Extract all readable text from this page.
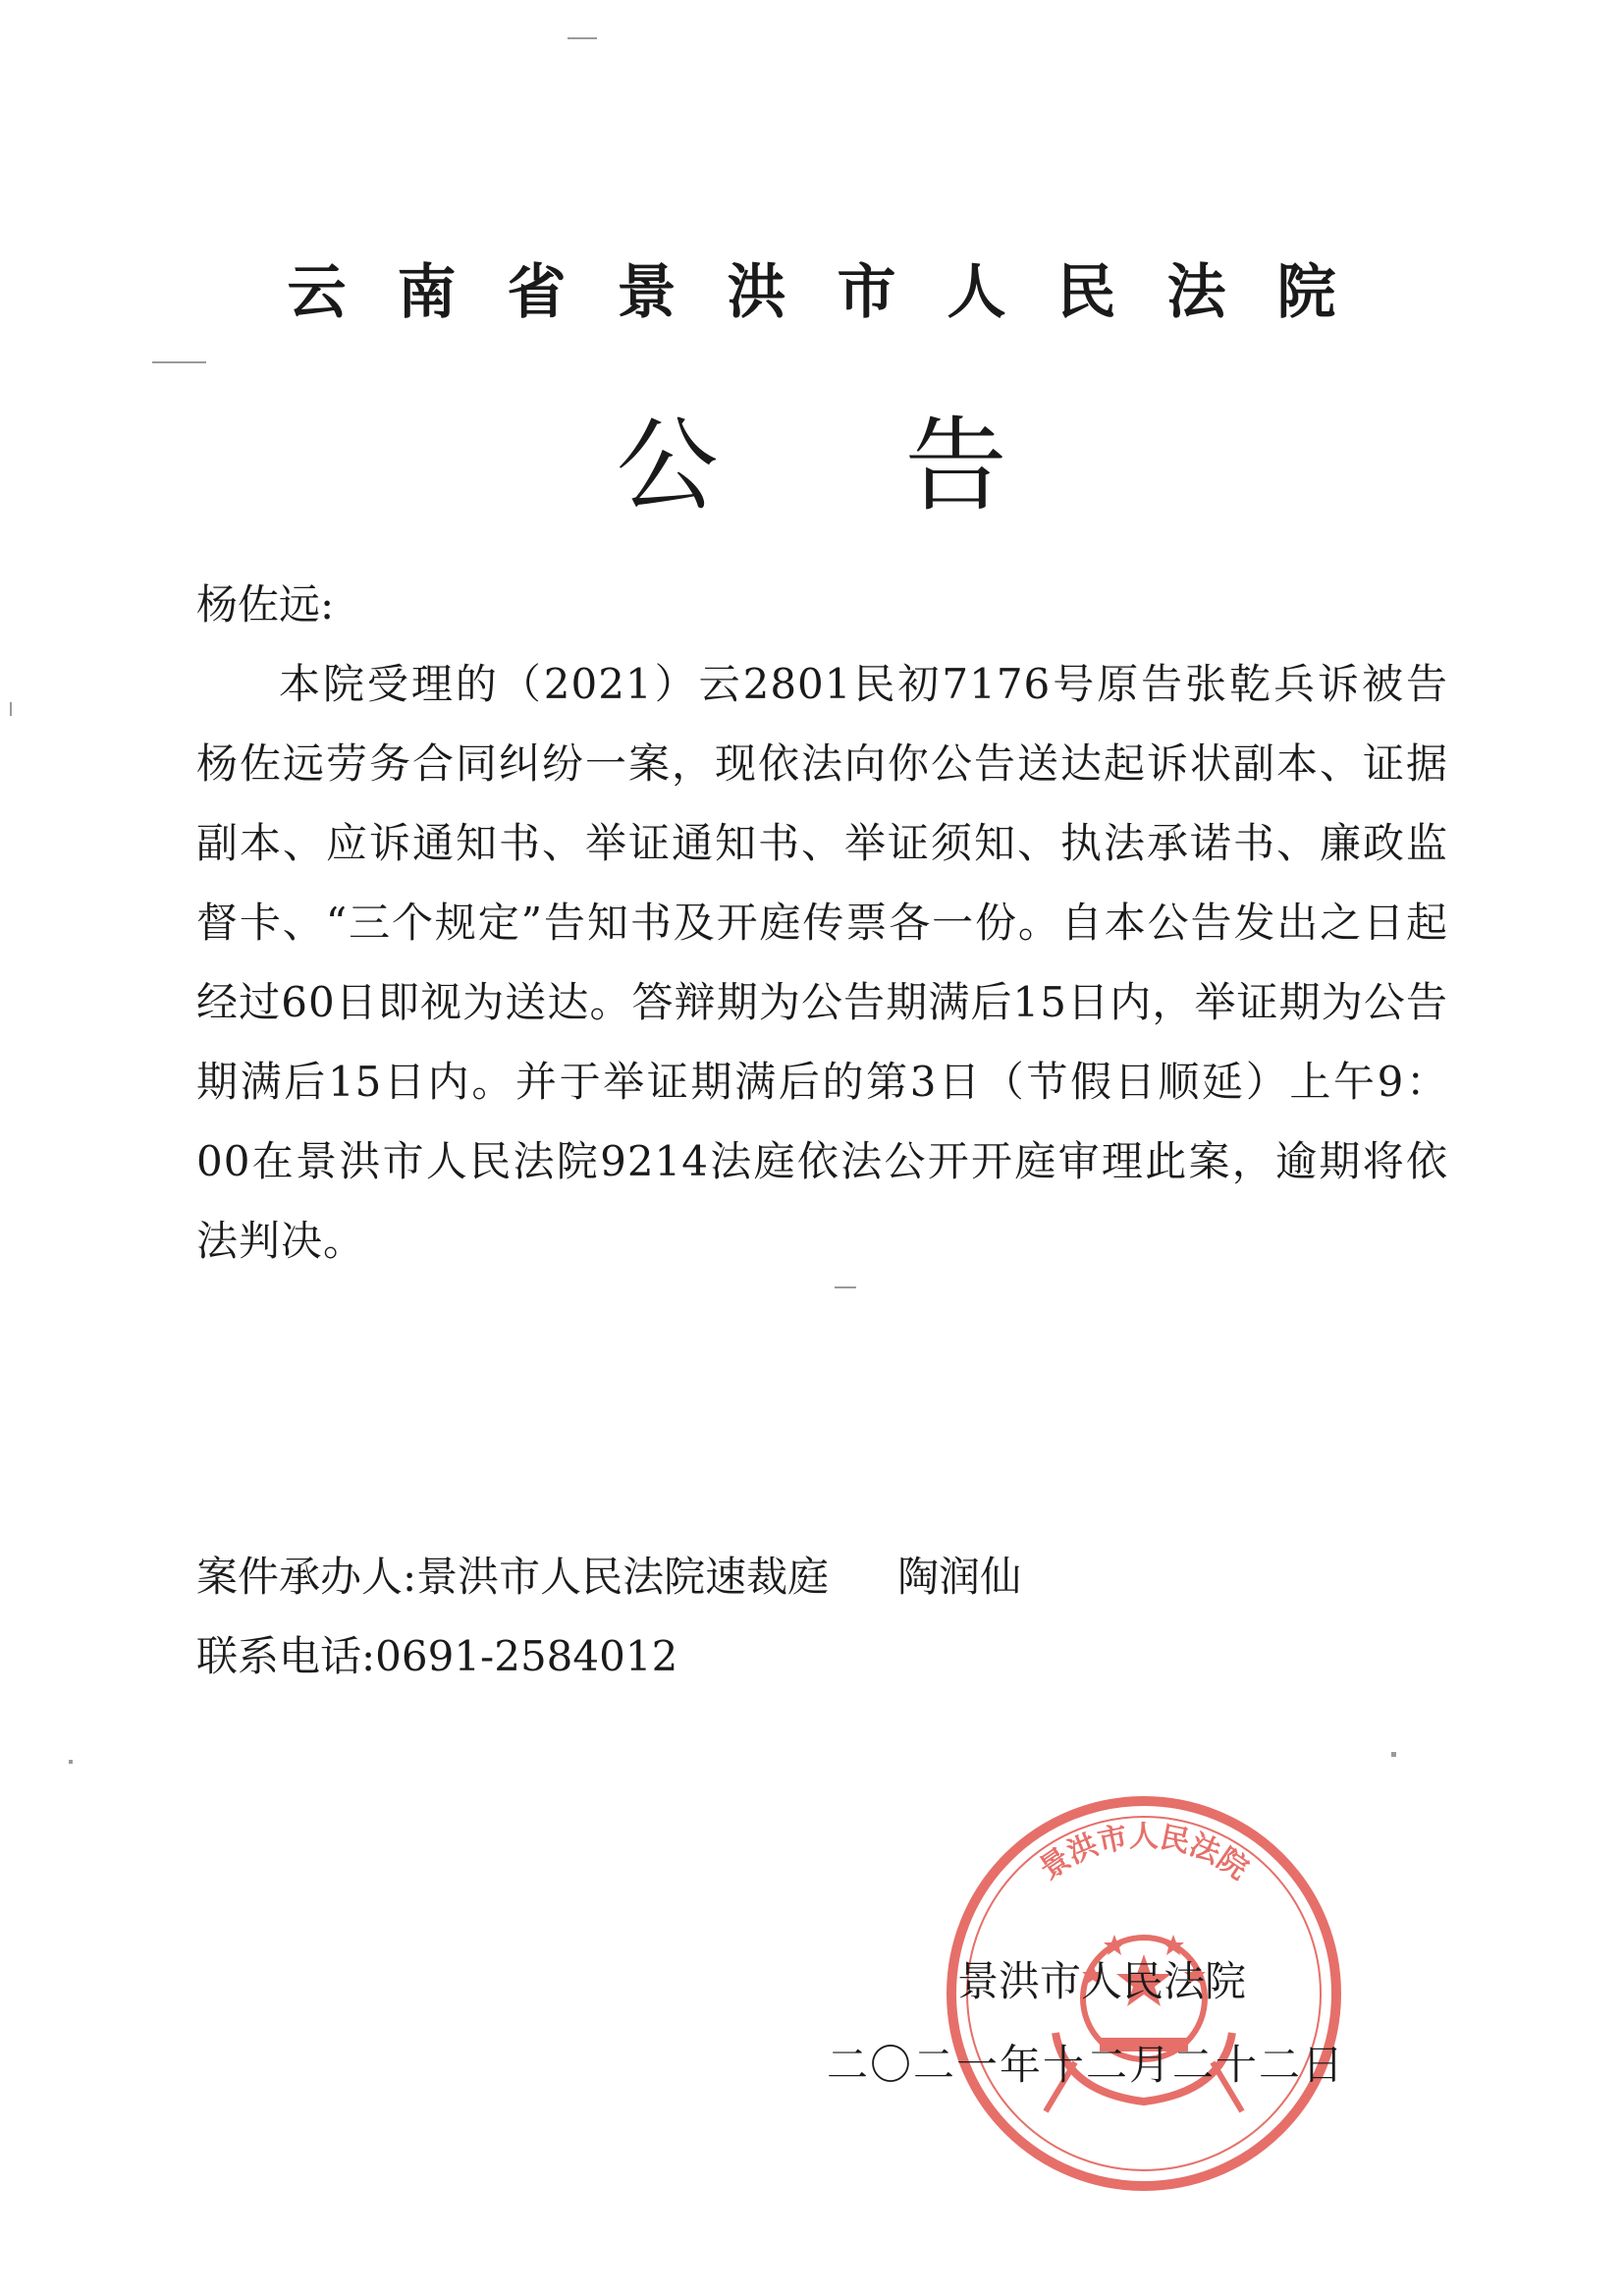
云南省景洪市人民法院
公告

杨佐远:

本院受理的（2021）云2801民初7176号原告张乾兵诉被告杨佐远劳务合同纠纷一案，现依法向你公告送达起诉状副本、证据副本、应诉通知书、举证通知书、举证须知、执法承诺书、廉政监督卡、“三个规定”告知书及开庭传票各一份。自本公告发出之日起经过60日即视为送达。答辩期为公告期满后15日内，举证期为公告期满后15日内。并于举证期满后的第3日（节假日顺延）上午9：00在景洪市人民法院9214法庭依法公开开庭审理此案，逾期将依法判决。

案件承办人: 景洪市人民法院速裁庭 陶润仙
联系电话: 0691-2584012
景洪市人民法院
景洪市人民法院
二〇二一年十二月二十二日
